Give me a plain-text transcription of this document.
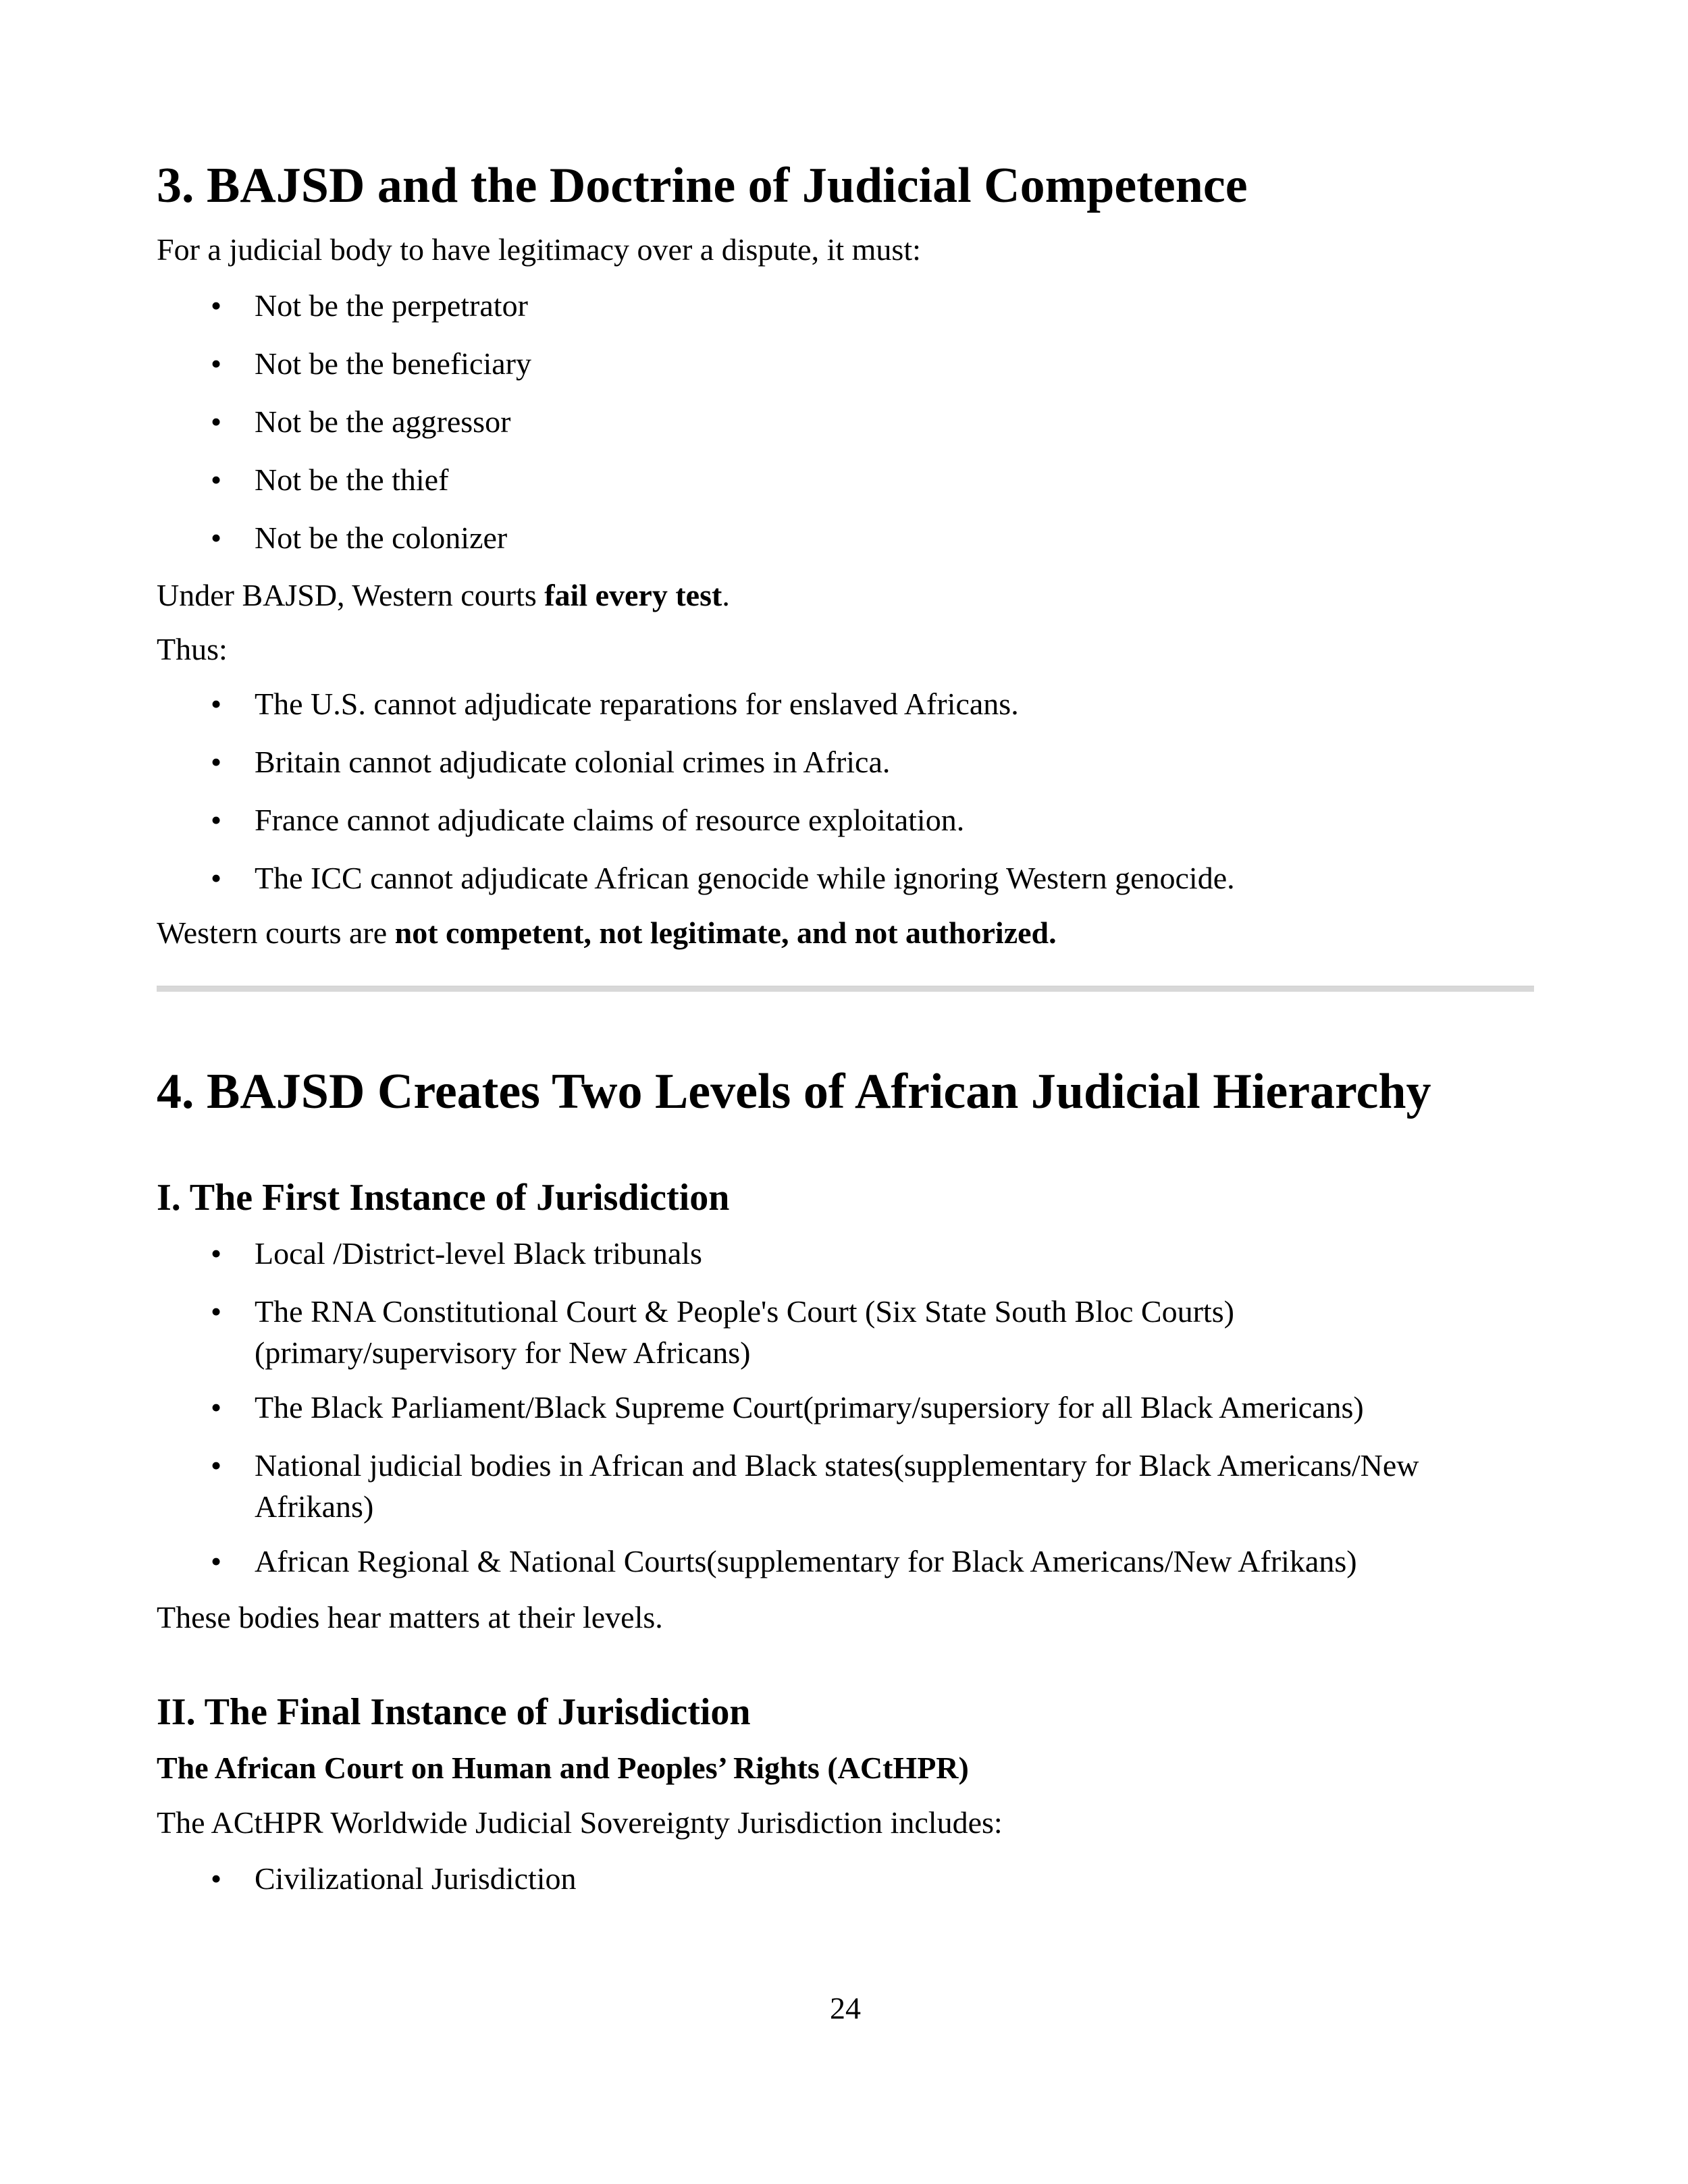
3. BAJSD and the Doctrine of Judicial Competence

For a judicial body to have legitimacy over a dispute, it must:

• Not be the perpetrator
• Not be the beneficiary
• Not be the aggressor
• Not be the thief
• Not be the colonizer

Under BAJSD, Western courts fail every test.

Thus:

• The U.S. cannot adjudicate reparations for enslaved Africans.
• Britain cannot adjudicate colonial crimes in Africa.
• France cannot adjudicate claims of resource exploitation.
• The ICC cannot adjudicate African genocide while ignoring Western genocide.

Western courts are not competent, not legitimate, and not authorized.

4. BAJSD Creates Two Levels of African Judicial Hierarchy
I. The First Instance of Jurisdiction
• Local /District-level Black tribunals
• The RNA Constitutional Court & People's Court (Six State South Bloc Courts) (primary/supervisory for New Africans)
• The Black Parliament/Black Supreme Court(primary/supersiory for all Black Americans)
• National judicial bodies in African and Black states(supplementary for Black Americans/New Afrikans)
• African Regional & National Courts(supplementary for Black Americans/New Afrikans)

These bodies hear matters at their levels.

II. The Final Instance of Jurisdiction
The African Court on Human and Peoples’ Rights (ACtHPR)

The ACtHPR Worldwide Judicial Sovereignty Jurisdiction includes:

• Civilizational Jurisdiction
24
